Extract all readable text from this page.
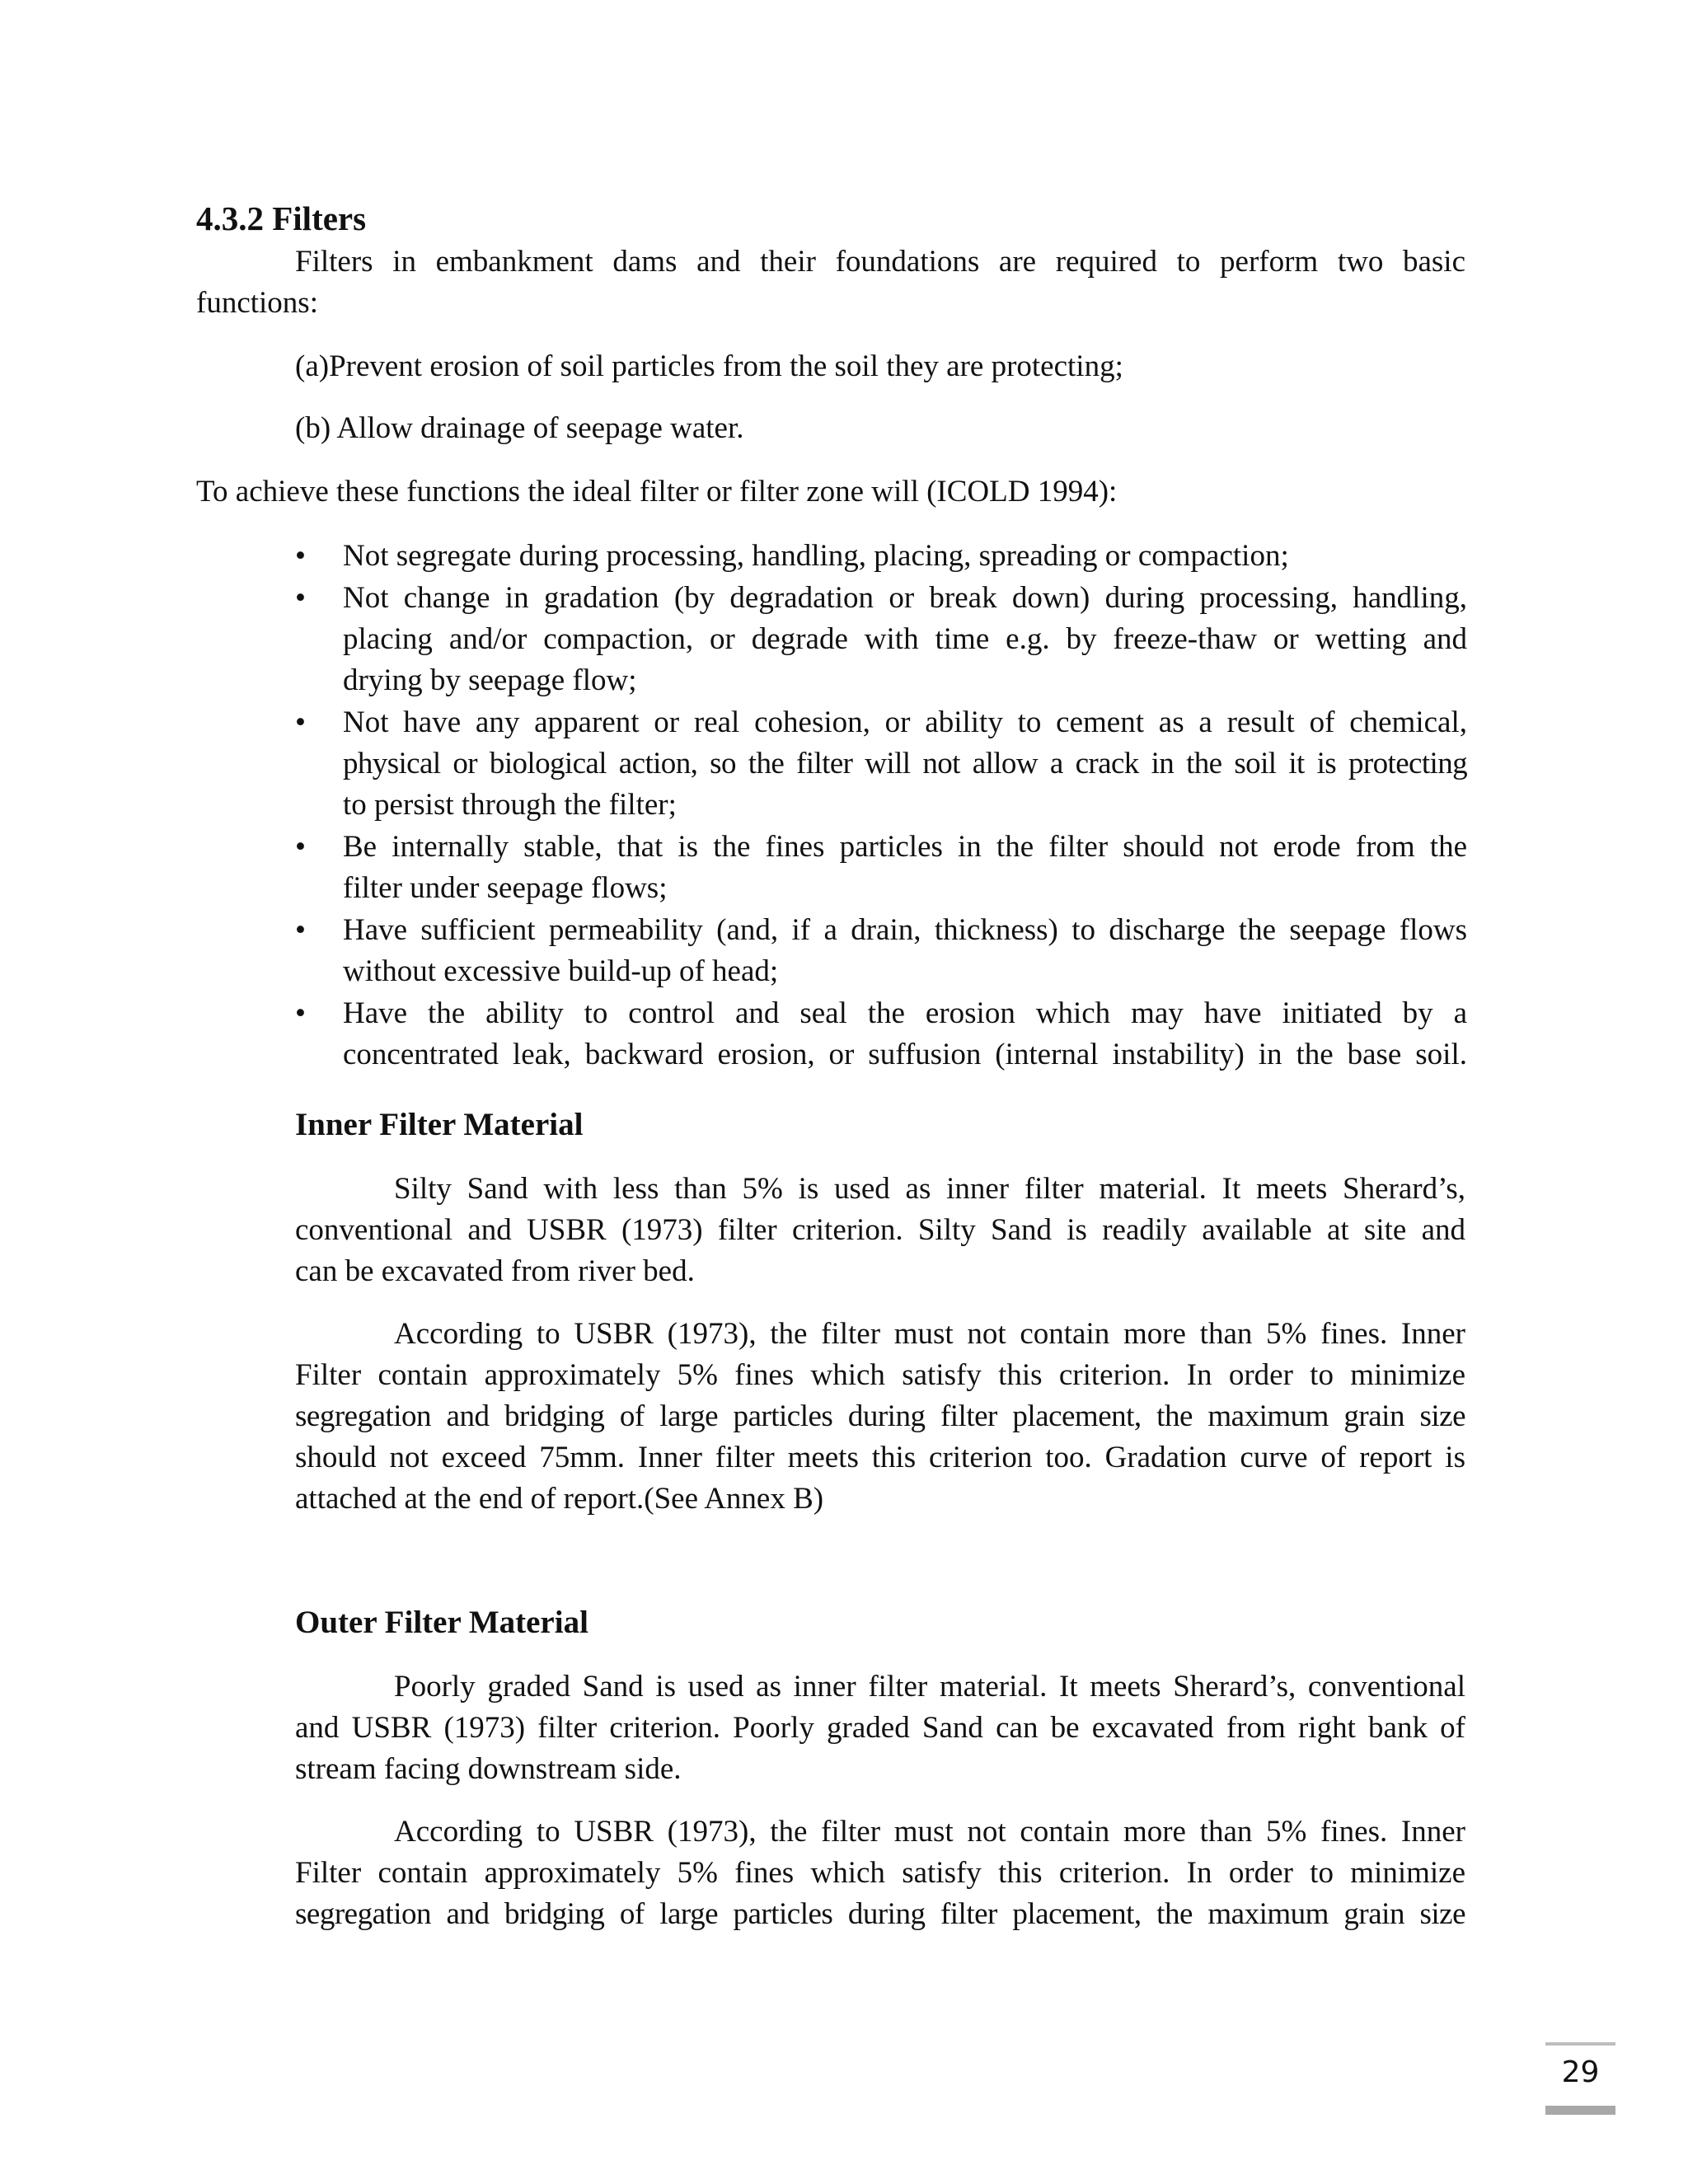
4.3.2 Filters
Filters in embankment dams and their foundations are required to perform two basic
functions:
(a)Prevent erosion of soil particles from the soil they are protecting;
(b) Allow drainage of seepage water.
To achieve these functions the ideal filter or filter zone will (ICOLD 1994):
• Not segregate during processing, handling, placing, spreading or compaction;
• Not change in gradation (by degradation or break down) during processing, handling,
placing and/or compaction, or degrade with time e.g. by freeze-thaw or wetting and
drying by seepage flow;
• Not have any apparent or real cohesion, or ability to cement as a result of chemical,
physical or biological action, so the filter will not allow a crack in the soil it is protecting
to persist through the filter;
• Be internally stable, that is the fines particles in the filter should not erode from the
filter under seepage flows;
• Have sufficient permeability (and, if a drain, thickness) to discharge the seepage flows
without excessive build-up of head;
• Have the ability to control and seal the erosion which may have initiated by a
concentrated leak, backward erosion, or suffusion (internal instability) in the base soil.
Inner Filter Material
Silty Sand with less than 5% is used as inner filter material. It meets Sherard’s,
conventional and USBR (1973) filter criterion. Silty Sand is readily available at site and
can be excavated from river bed.
According to USBR (1973), the filter must not contain more than 5% fines. Inner
Filter contain approximately 5% fines which satisfy this criterion. In order to minimize
segregation and bridging of large particles during filter placement, the maximum grain size
should not exceed 75mm. Inner filter meets this criterion too. Gradation curve of report is
attached at the end of report.(See Annex B)
Outer Filter Material
Poorly graded Sand is used as inner filter material. It meets Sherard’s, conventional
and USBR (1973) filter criterion. Poorly graded Sand can be excavated from right bank of
stream facing downstream side.
According to USBR (1973), the filter must not contain more than 5% fines. Inner
Filter contain approximately 5% fines which satisfy this criterion. In order to minimize
segregation and bridging of large particles during filter placement, the maximum grain size
29
